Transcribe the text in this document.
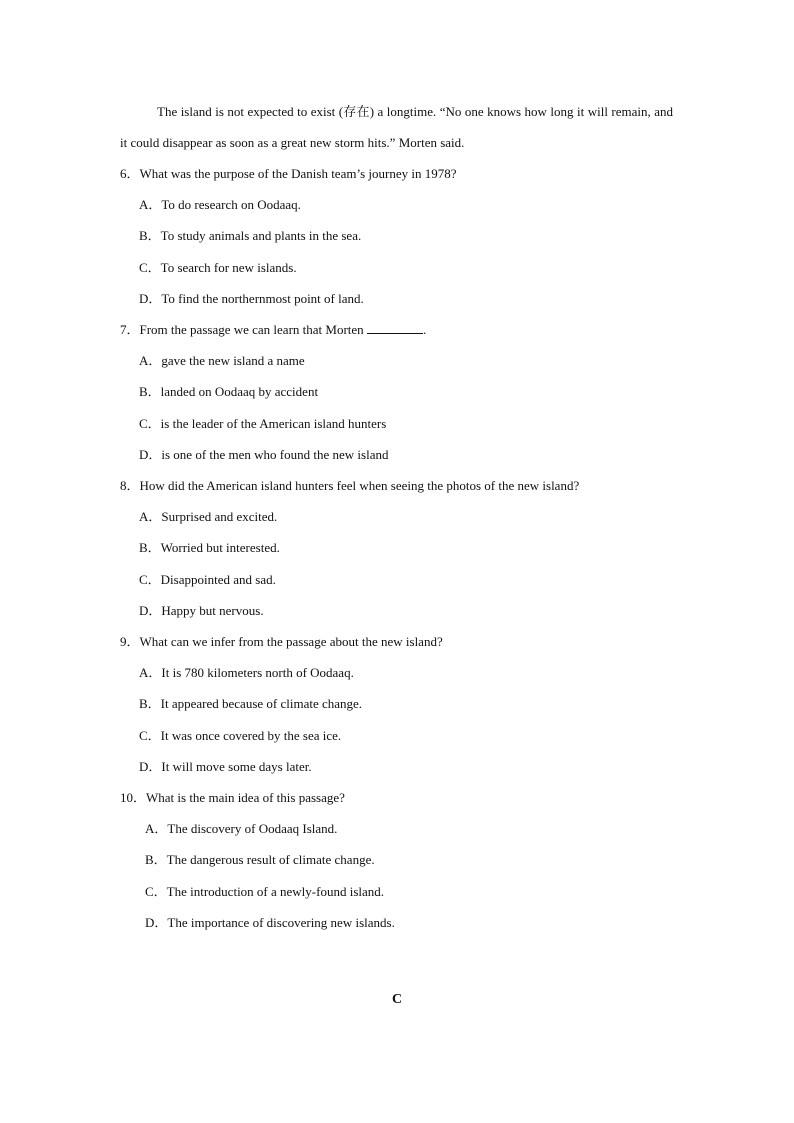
The island is not expected to exist (存在) a longtime. “No one knows how long it will remain, and it could disappear as soon as a great new storm hits.” Morten said.

6．What was the purpose of the Danish team’s journey in 1978?
A．To do research on Oodaaq.
B．To study animals and plants in the sea.
C．To search for new islands.
D．To find the northernmost point of land.
7．From the passage we can learn that Morten	.
A．gave the new island a name
B．landed on Oodaaq by accident
C．is the leader of the American island hunters
D．is one of the men who found the new island
8．How did the American island hunters feel when seeing the photos of the new island?
A．Surprised and excited.
B．Worried but interested.
C．Disappointed and sad.
D．Happy but nervous.
9．What can we infer from the passage about the new island?
A．It is 780 kilometers north of Oodaaq.
B．It appeared because of climate change.
C．It was once covered by the sea ice.
D．It will move some days later.
10．What is the main idea of this passage?
A．The discovery of Oodaaq Island.
B．The dangerous result of climate change.
C．The introduction of a newly-found island.
D．The importance of discovering new islands.
C
